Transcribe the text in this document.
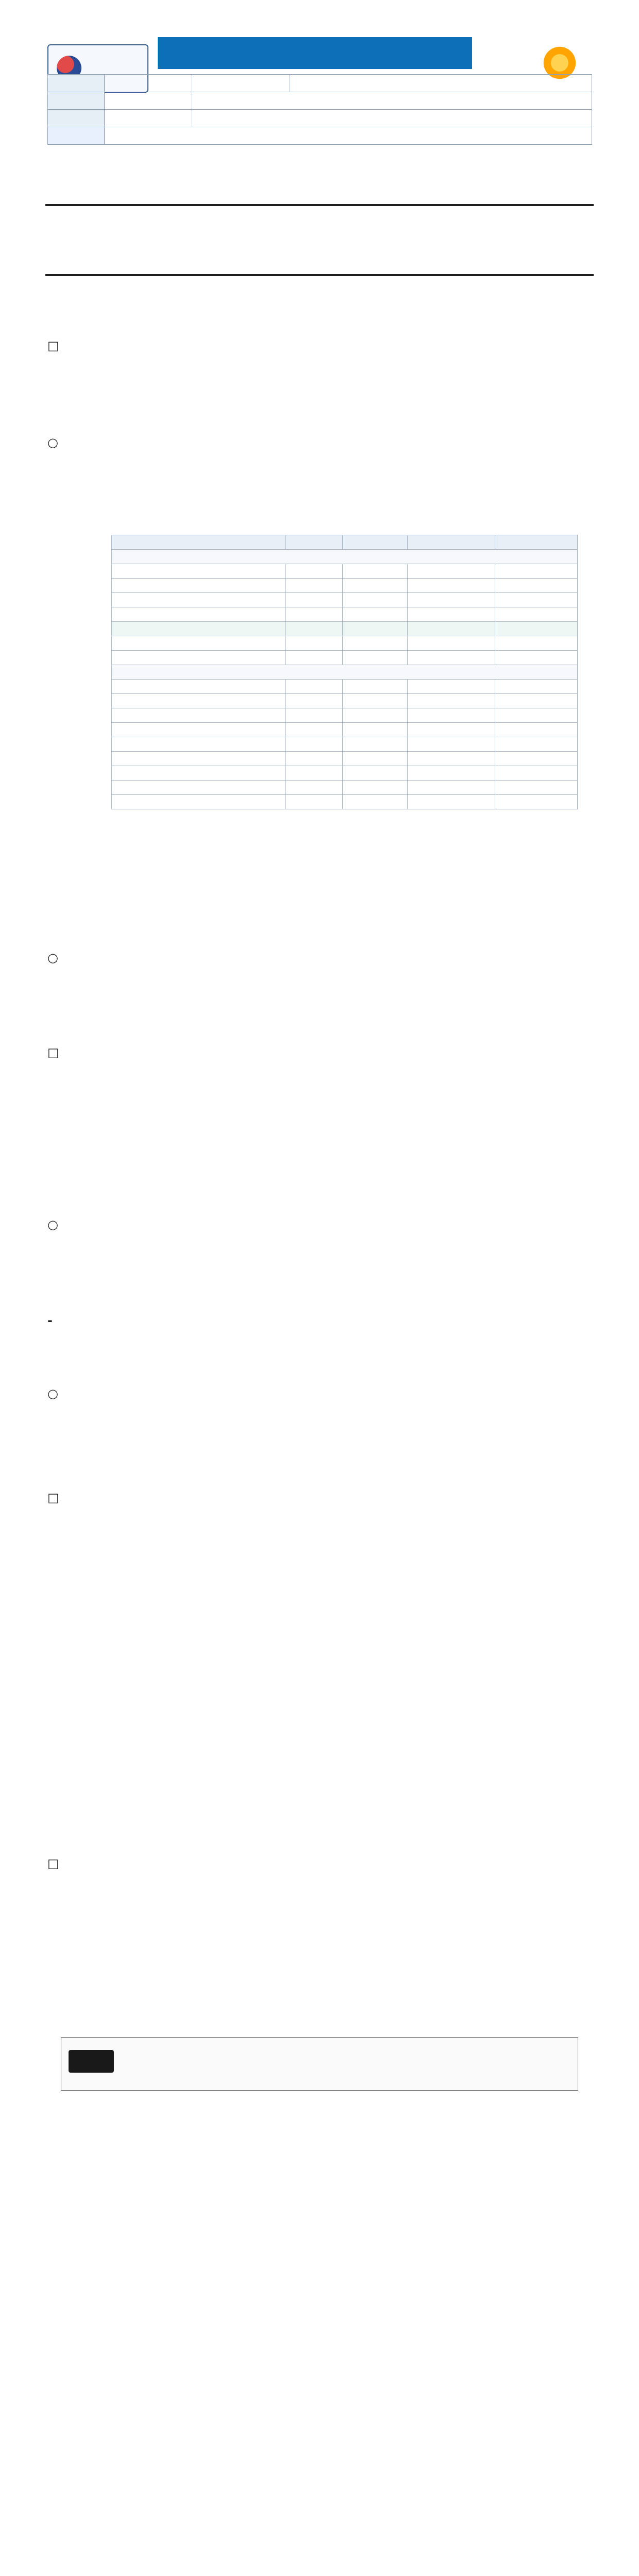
□
○

○
□
○
-
○
□
□
